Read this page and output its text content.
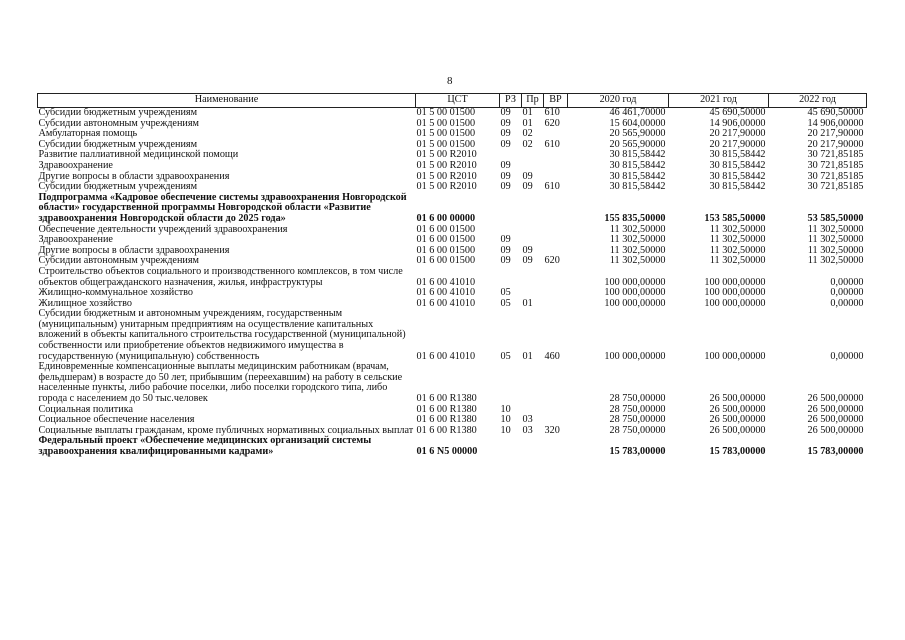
8
Наименование	ЦСТ	РЗ	Пр	ВР	2020 год	2021 год	2022 год
Субсидии бюджетным учреждениям	01 5 00 01500	09	01	610	46 461,70000	45 690,50000	45 690,50000
Субсидии автономным учреждениям	01 5 00 01500	09	01	620	15 604,00000	14 906,00000	14 906,00000
Амбулаторная помощь	01 5 00 01500	09	02		20 565,90000	20 217,90000	20 217,90000
Субсидии бюджетным учреждениям	01 5 00 01500	09	02	610	20 565,90000	20 217,90000	20 217,90000
Развитие паллиативной медицинской помощи	01 5 00 R2010				30 815,58442	30 815,58442	30 721,85185
Здравоохранение	01 5 00 R2010	09			30 815,58442	30 815,58442	30 721,85185
Другие вопросы в области здравоохранения	01 5 00 R2010	09	09		30 815,58442	30 815,58442	30 721,85185
Субсидии бюджетным учреждениям	01 5 00 R2010	09	09	610	30 815,58442	30 815,58442	30 721,85185
Подпрограмма «Кадровое обеспечение системы здравоохранения Новгородской области» государственной программы Новгородской области «Развитие здравоохранения Новгородской области до 2025 года»	01 6 00 00000				155 835,50000	153 585,50000	53 585,50000
Обеспечение деятельности учреждений здравоохранения	01 6 00 01500				11 302,50000	11 302,50000	11 302,50000
Здравоохранение	01 6 00 01500	09			11 302,50000	11 302,50000	11 302,50000
Другие вопросы в области здравоохранения	01 6 00 01500	09	09		11 302,50000	11 302,50000	11 302,50000
Субсидии автономным учреждениям	01 6 00 01500	09	09	620	11 302,50000	11 302,50000	11 302,50000
Строительство объектов социального и производственного комплексов, в том числе объектов общегражданского назначения, жилья, инфраструктуры	01 6 00 41010				100 000,00000	100 000,00000	0,00000
Жилищно-коммунальное хозяйство	01 6 00 41010	05			100 000,00000	100 000,00000	0,00000
Жилищное хозяйство	01 6 00 41010	05	01		100 000,00000	100 000,00000	0,00000
Субсидии бюджетным и автономным учреждениям, государственным (муниципальным) унитарным предприятиям на осуществление капитальных вложений в объекты капитального строительства государственной (муниципальной) собственности или приобретение объектов недвижимого имущества в государственную (муниципальную) собственность	01 6 00 41010	05	01	460	100 000,00000	100 000,00000	0,00000
Единовременные компенсационные выплаты медицинским работникам (врачам, фельдшерам) в возрасте до 50 лет, прибывшим (переехавшим) на работу в сельские населенные пункты, либо рабочие поселки, либо поселки городского типа, либо города с населением до 50 тыс.человек	01 6 00 R1380				28 750,00000	26 500,00000	26 500,00000
Социальная политика	01 6 00 R1380	10			28 750,00000	26 500,00000	26 500,00000
Социальное обеспечение населения	01 6 00 R1380	10	03		28 750,00000	26 500,00000	26 500,00000
Социальные выплаты гражданам, кроме публичных нормативных социальных выплат	01 6 00 R1380	10	03	320	28 750,00000	26 500,00000	26 500,00000
Федеральный проект «Обеспечение медицинских организаций системы здравоохранения квалифицированными кадрами»	01 6 N5 00000				15 783,00000	15 783,00000	15 783,00000
